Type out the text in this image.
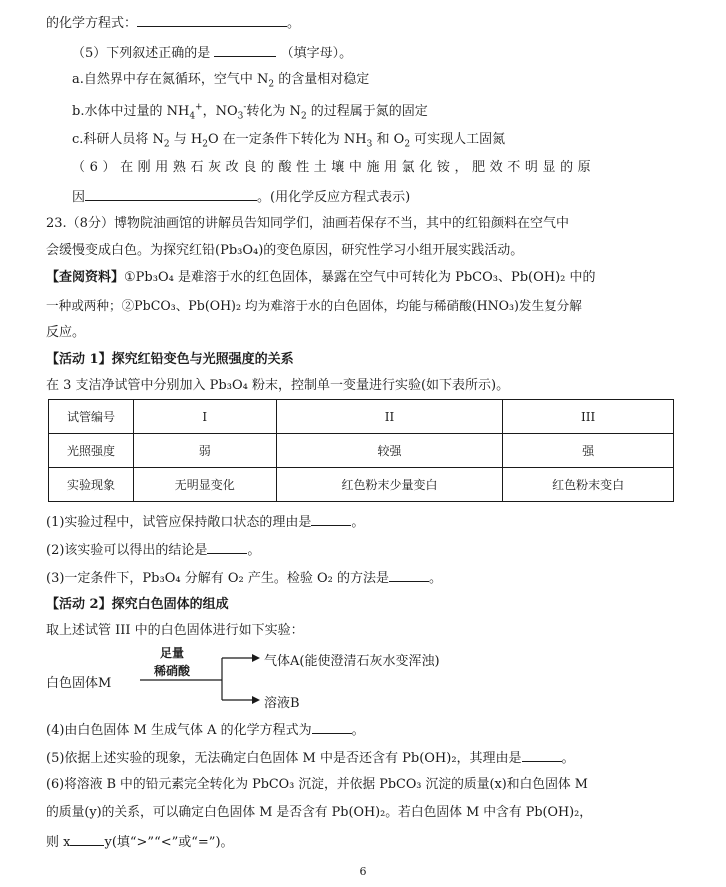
的化学方程式：	。
（5）下列叙述正确的是	（填字母）。
a.自然界中存在氮循环，空气中 $N_2$ 的含量相对稳定
b.水体中过量的 $NH_4^+$，$NO_3^-$转化为 $N_2$ 的过程属于氮的固定
c.科研人员将 $N_2$ 与 $H_2O$ 在一定条件下转化为 $NH_3$ 和 $O_2$ 可实现人工固氮
（6）在刚用熟石灰改良的酸性土壤中施用氯化铵，肥效不明显的原
因	。(用化学反应方程式表示)
23.（8分）博物院油画馆的讲解员告知同学们，油画若保存不当，其中的红铅颜料在空气中
会缓慢变成白色。为探究红铅(Pb₃O₄)的变色原因，研究性学习小组开展实践活动。
【查阅资料】①Pb₃O₄ 是难溶于水的红色固体，暴露在空气中可转化为 PbCO₃、Pb(OH)₂ 中的
一种或两种；②PbCO₃、Pb(OH)₂ 均为难溶于水的白色固体，均能与稀硝酸(HNO₃)发生复分解
反应。
【活动 1】探究红铅变色与光照强度的关系
在 3 支洁净试管中分别加入 Pb₃O₄ 粉末，控制单一变量进行实验(如下表所示)。
试管编号	I	II	III
光照强度	弱	较强	强
实验现象	无明显变化	红色粉末少量变白	红色粉末变白
(1)实验过程中，试管应保持敞口状态的理由是	。
(2)该实验可以得出的结论是	。
(3)一定条件下，Pb₃O₄ 分解有 O₂ 产生。检验 O₂ 的方法是	。
【活动 2】探究白色固体的组成
取上述试管 III 中的白色固体进行如下实验：
白色固体M
足量
稀硝酸
气体A(能使澄清石灰水变浑浊)
溶液B
(4)由白色固体 M 生成气体 A 的化学方程式为	。
(5)依据上述实验的现象，无法确定白色固体 M 中是否还含有 Pb(OH)₂，其理由是	。
(6)将溶液 B 中的铅元素完全转化为 PbCO₃ 沉淀，并依据 PbCO₃ 沉淀的质量(x)和白色固体 M
的质量(y)的关系，可以确定白色固体 M 是否含有 Pb(OH)₂。若白色固体 M 中含有 Pb(OH)₂，
则 x	y(填“>”“<”或“=”)。
6
